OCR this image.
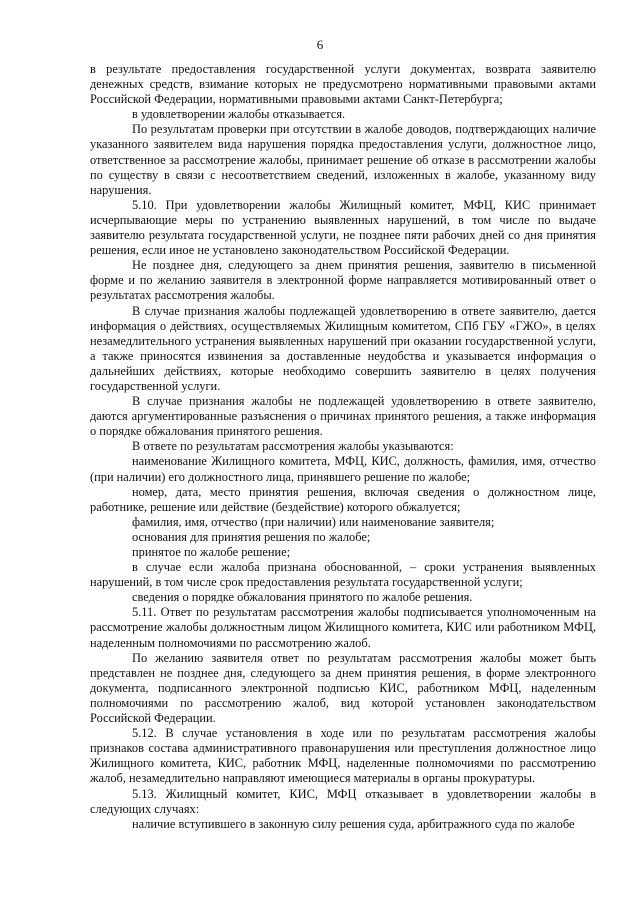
6

в результате предоставления государственной услуги документах, возврата заявителю денежных средств, взимание которых не предусмотрено нормативными правовыми актами Российской Федерации, нормативными правовыми актами Санкт-Петербурга;

в удовлетворении жалобы отказывается.

По результатам проверки при отсутствии в жалобе доводов, подтверждающих наличие указанного заявителем вида нарушения порядка предоставления услуги, должностное лицо, ответственное за рассмотрение жалобы, принимает решение об отказе в рассмотрении жалобы по существу в связи с несоответствием сведений, изложенных в жалобе, указанному виду нарушения.

5.10. При удовлетворении жалобы Жилищный комитет, МФЦ, КИС принимает исчерпывающие меры по устранению выявленных нарушений, в том числе по выдаче заявителю результата государственной услуги, не позднее пяти рабочих дней со дня принятия решения, если иное не установлено законодательством Российской Федерации.

Не позднее дня, следующего за днем принятия решения, заявителю в письменной форме и по желанию заявителя в электронной форме направляется мотивированный ответ о результатах рассмотрения жалобы.

В случае признания жалобы подлежащей удовлетворению в ответе заявителю, дается информация о действиях, осуществляемых Жилищным комитетом, СПб ГБУ «ГЖО», в целях незамедлительного устранения выявленных нарушений при оказании государственной услуги, а также приносятся извинения за доставленные неудобства и указывается информация о дальнейших действиях, которые необходимо совершить заявителю в целях получения государственной услуги.

В случае признания жалобы не подлежащей удовлетворению в ответе заявителю, даются аргументированные разъяснения о причинах принятого решения, а также информация о порядке обжалования принятого решения.

В ответе по результатам рассмотрения жалобы указываются:

наименование Жилищного комитета, МФЦ, КИС, должность, фамилия, имя, отчество (при наличии) его должностного лица, принявшего решение по жалобе;

номер, дата, место принятия решения, включая сведения о должностном лице, работнике, решение или действие (бездействие) которого обжалуется;

фамилия, имя, отчество (при наличии) или наименование заявителя;

основания для принятия решения по жалобе;

принятое по жалобе решение;

в случае если жалоба признана обоснованной, – сроки устранения выявленных нарушений, в том числе срок предоставления результата государственной услуги;

сведения о порядке обжалования принятого по жалобе решения.

5.11. Ответ по результатам рассмотрения жалобы подписывается уполномоченным на рассмотрение жалобы должностным лицом Жилищного комитета, КИС или работником МФЦ, наделенным полномочиями по рассмотрению жалоб.

По желанию заявителя ответ по результатам рассмотрения жалобы может быть представлен не позднее дня, следующего за днем принятия решения, в форме электронного документа, подписанного электронной подписью КИС, работником МФЦ, наделенным полномочиями по рассмотрению жалоб, вид которой установлен законодательством Российской Федерации.

5.12. В случае установления в ходе или по результатам рассмотрения жалобы признаков состава административного правонарушения или преступления должностное лицо Жилищного комитета, КИС, работник МФЦ, наделенные полномочиями по рассмотрению жалоб, незамедлительно направляют имеющиеся материалы в органы прокуратуры.

5.13. Жилищный комитет, КИС, МФЦ отказывает в удовлетворении жалобы в следующих случаях:

наличие вступившего в законную силу решения суда, арбитражного суда по жалобе
